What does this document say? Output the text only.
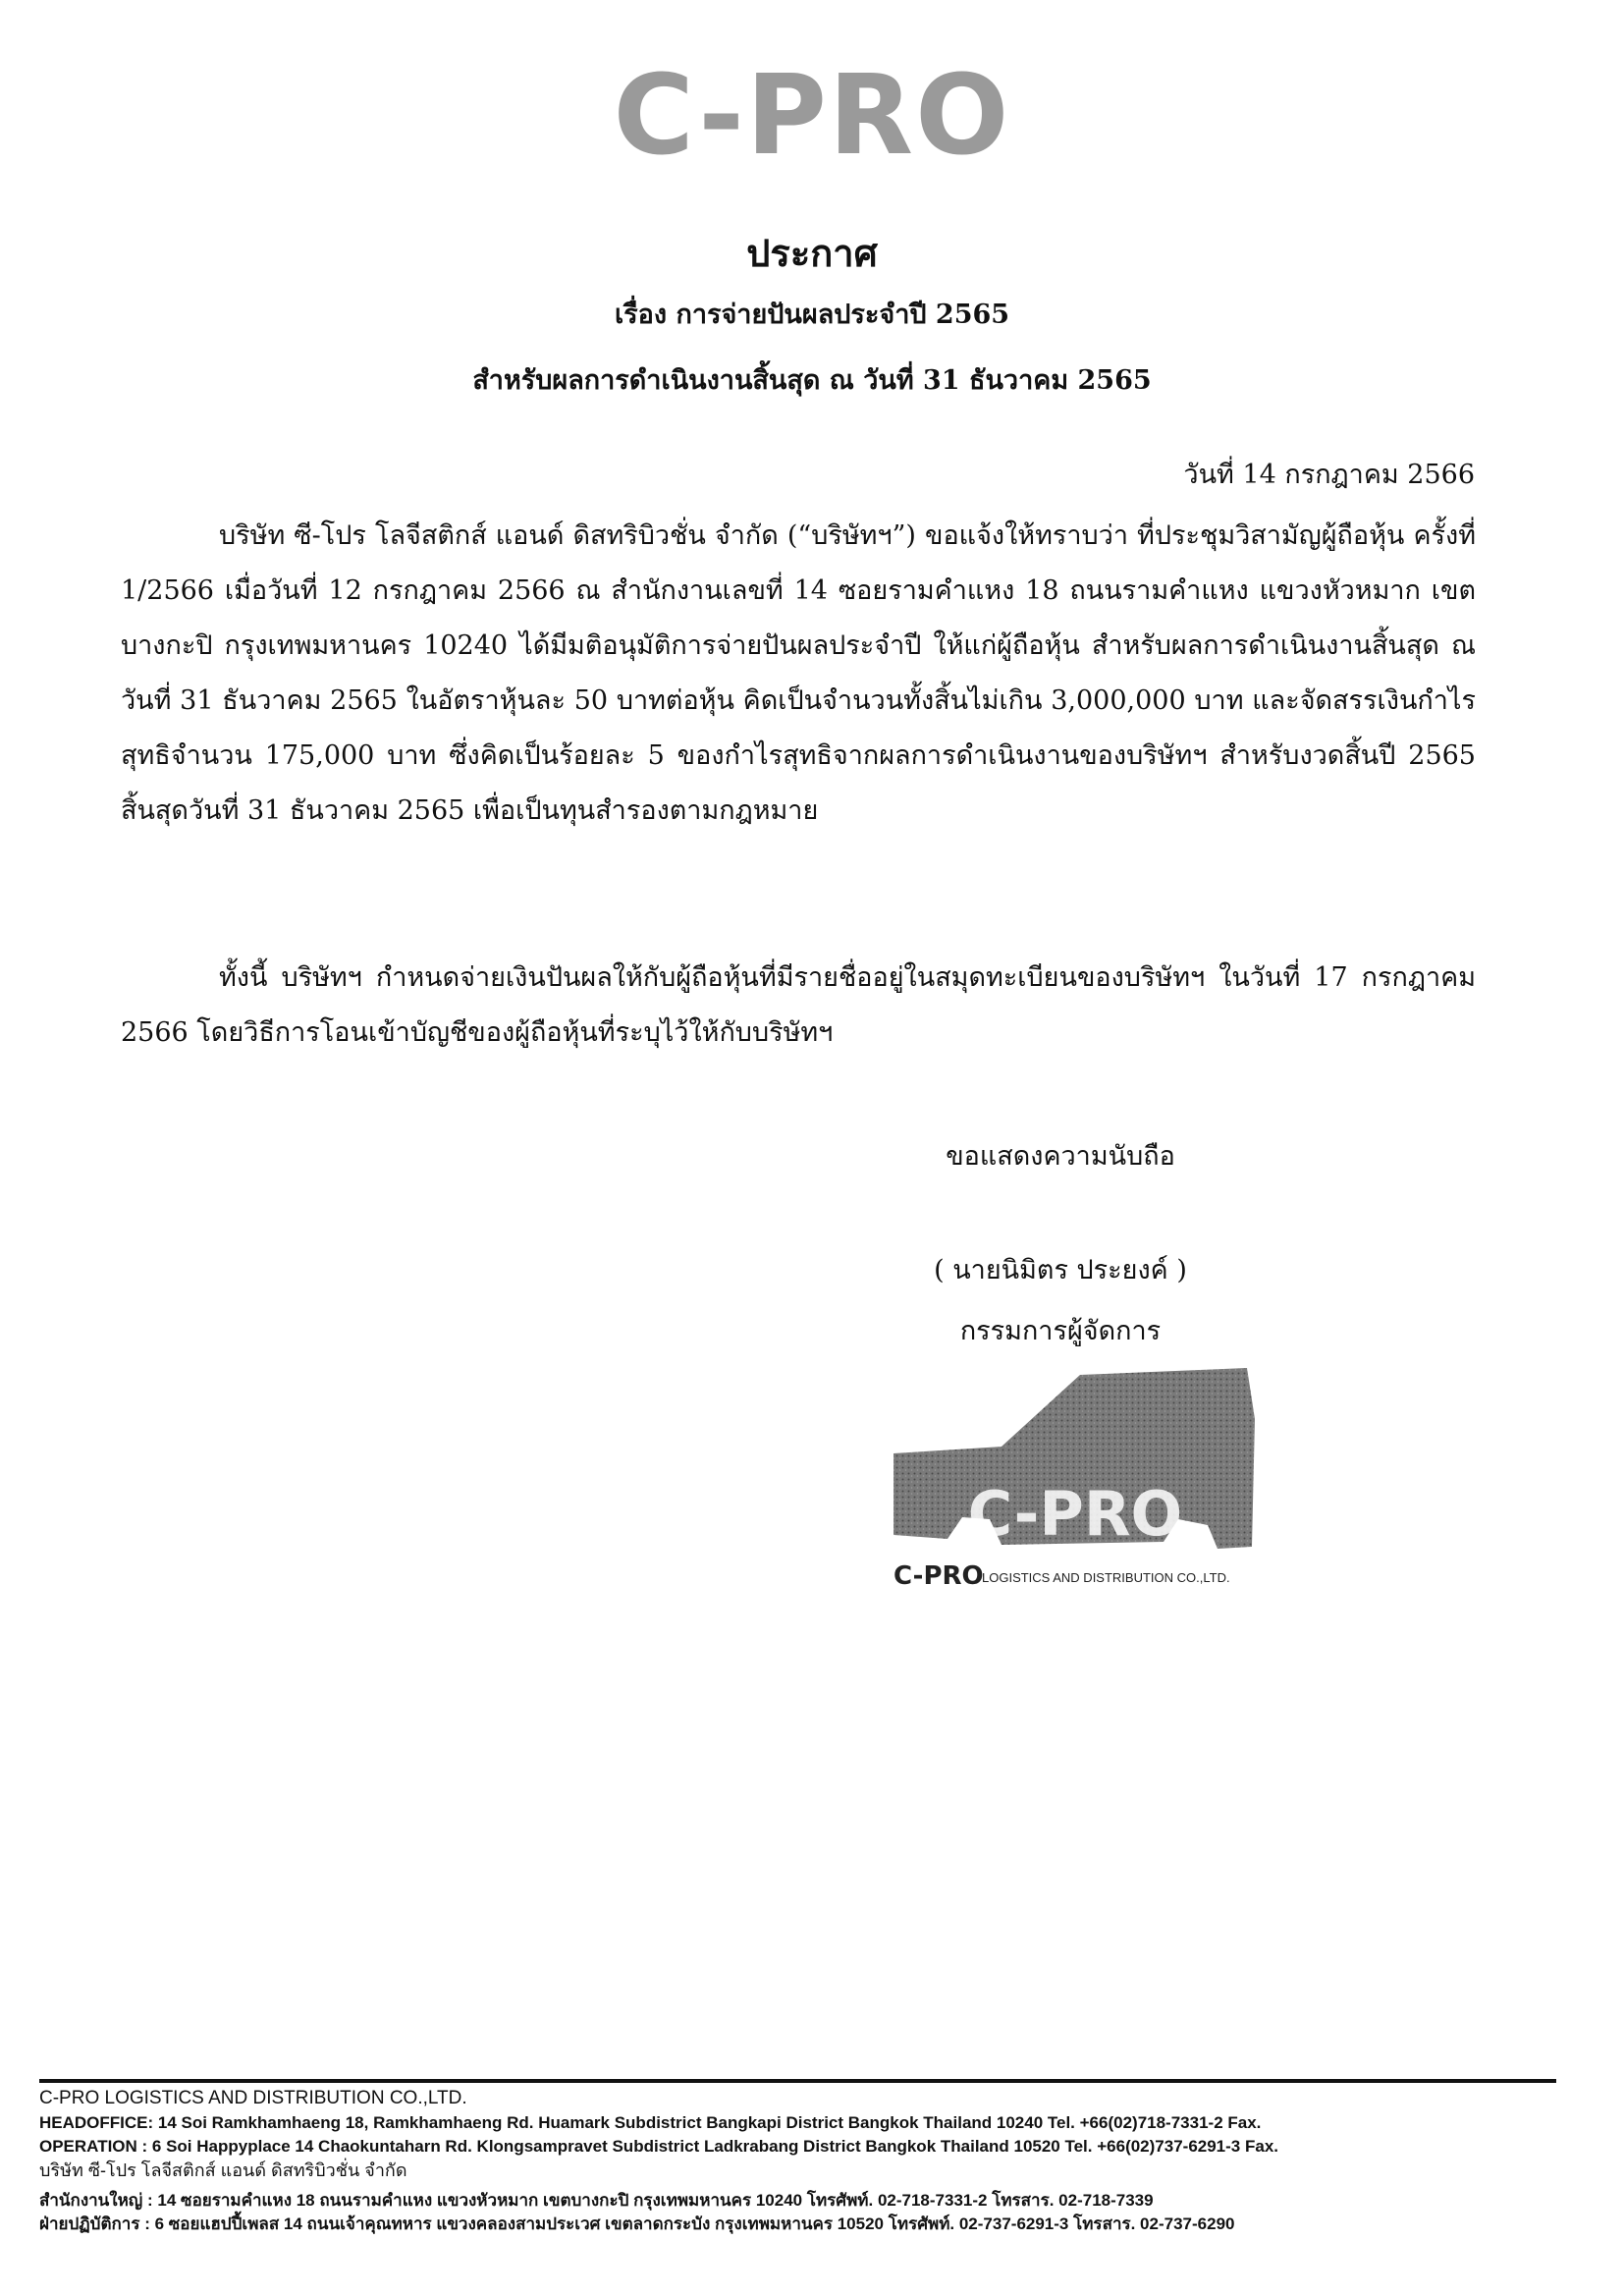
C-PRO
ประกาศ
เรื่อง การจ่ายปันผลประจำปี 2565
สำหรับผลการดำเนินงานสิ้นสุด ณ วันที่ 31 ธันวาคม 2565
วันที่ 14 กรกฎาคม 2566

บริษัท ซี-โปร โลจีสติกส์ แอนด์ ดิสทริบิวชั่น จำกัด (“บริษัทฯ”) ขอแจ้งให้ทราบว่า ที่ประชุมวิสามัญผู้ถือหุ้น ครั้งที่ 1/2566 เมื่อวันที่ 12 กรกฎาคม 2566 ณ สำนักงานเลขที่ 14 ซอยรามคำแหง 18 ถนนรามคำแหง แขวงหัวหมาก เขตบางกะปิ กรุงเทพมหานคร 10240 ได้มีมติอนุมัติการจ่ายปันผลประจำปี ให้แก่ผู้ถือหุ้น สำหรับผลการดำเนินงานสิ้นสุด ณ วันที่ 31 ธันวาคม 2565 ในอัตราหุ้นละ 50 บาทต่อหุ้น คิดเป็นจำนวนทั้งสิ้นไม่เกิน 3,000,000 บาท และจัดสรรเงินกำไรสุทธิจำนวน 175,000 บาท ซึ่งคิดเป็นร้อยละ 5 ของกำไรสุทธิจากผลการดำเนินงานของบริษัทฯ สำหรับงวดสิ้นปี 2565 สิ้นสุดวันที่ 31 ธันวาคม 2565 เพื่อเป็นทุนสำรองตามกฎหมาย

ทั้งนี้ บริษัทฯ กำหนดจ่ายเงินปันผลให้กับผู้ถือหุ้นที่มีรายชื่ออยู่ในสมุดทะเบียนของบริษัทฯ ในวันที่ 17 กรกฎาคม 2566 โดยวิธีการโอนเข้าบัญชีของผู้ถือหุ้นที่ระบุไว้ให้กับบริษัทฯ

ขอแสดงความนับถือ
( นายนิมิตร ประยงค์ )
กรรมการผู้จัดการ
C-PRO
C-PRO
LOGISTICS AND DISTRIBUTION CO.,LTD.
C-PRO LOGISTICS AND DISTRIBUTION CO.,LTD.
HEADOFFICE: 14 Soi Ramkhamhaeng 18, Ramkhamhaeng Rd. Huamark Subdistrict Bangkapi District Bangkok Thailand 10240 Tel. +66(02)718-7331-2 Fax.
OPERATION : 6 Soi Happyplace 14 Chaokuntaharn Rd. Klongsampravet Subdistrict Ladkrabang District Bangkok Thailand 10520 Tel. +66(02)737-6291-3 Fax.
บริษัท ซี-โปร โลจีสติกส์ แอนด์ ดิสทริบิวชั่น จำกัด
สำนักงานใหญ่ : 14 ซอยรามคำแหง 18 ถนนรามคำแหง แขวงหัวหมาก เขตบางกะปิ กรุงเทพมหานคร 10240 โทรศัพท์. 02-718-7331-2 โทรสาร. 02-718-7339
ฝ่ายปฏิบัติการ : 6 ซอยแฮปปี้เพลส 14 ถนนเจ้าคุณทหาร แขวงคลองสามประเวศ เขตลาดกระบัง กรุงเทพมหานคร 10520 โทรศัพท์. 02-737-6291-3 โทรสาร. 02-737-6290
